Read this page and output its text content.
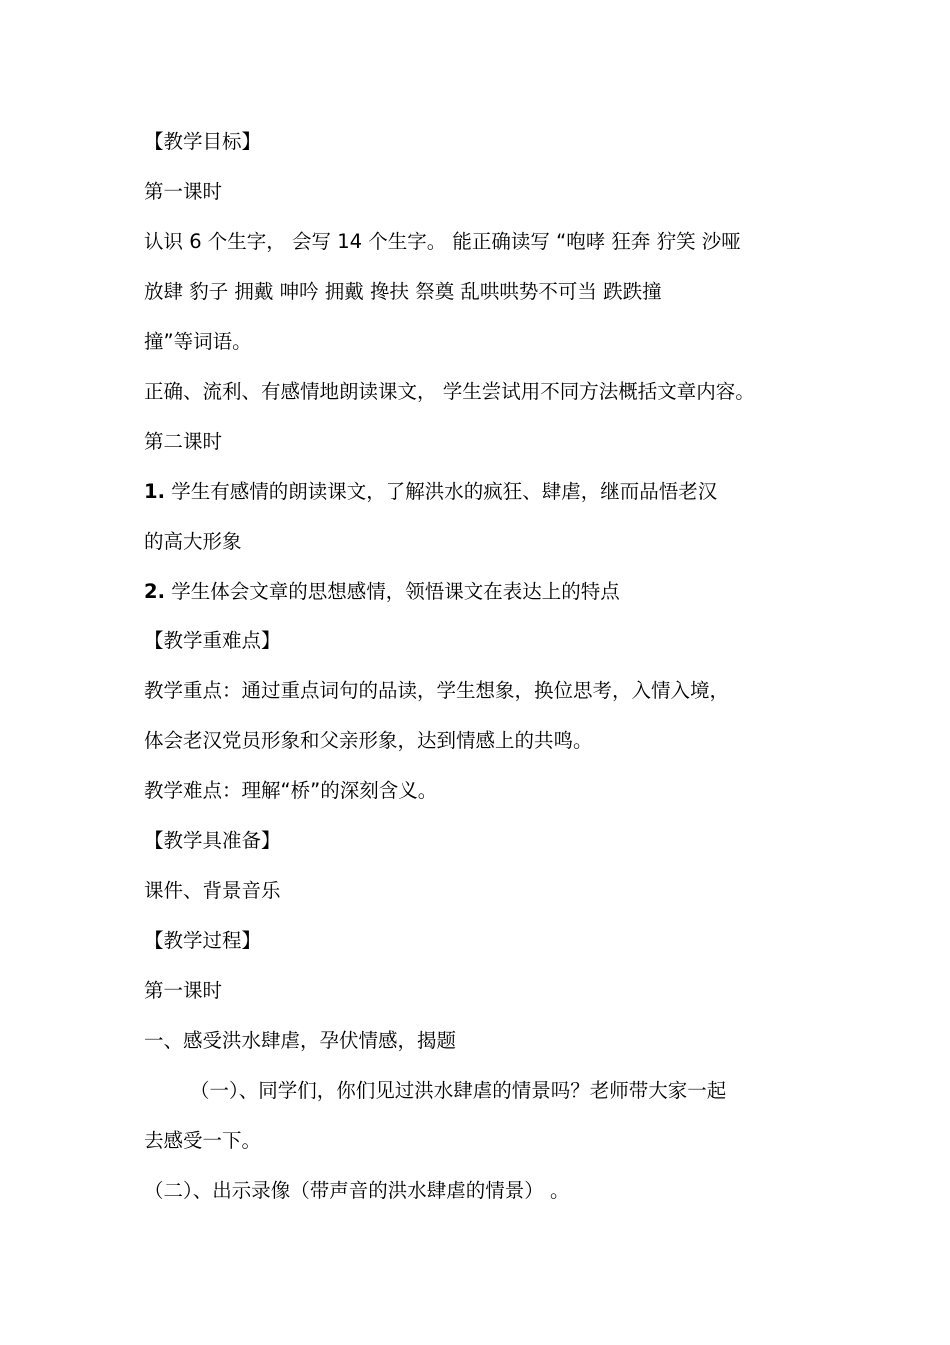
【教学目标】
第一课时
认识 6 个生字， 会写 14 个生字。 能正确读写 “咆哮 狂奔 狞笑 沙哑
放肆 豹子 拥戴 呻吟 拥戴 搀扶 祭奠 乱哄哄势不可当 跌跌撞
撞”等词语。
正确、流利、有感情地朗读课文， 学生尝试用不同方法概括文章内容。
第二课时
1. 学生有感情的朗读课文，了解洪水的疯狂、肆虐，继而品悟老汉
的高大形象
2. 学生体会文章的思想感情，领悟课文在表达上的特点
【教学重难点】
教学重点：通过重点词句的品读，学生想象，换位思考，入情入境，
体会老汉党员形象和父亲形象，达到情感上的共鸣。
教学难点：理解“桥”的深刻含义。
【教学具准备】
课件、背景音乐
【教学过程】
第一课时
一、感受洪水肆虐，孕伏情感，揭题
（一）、同学们，你们见过洪水肆虐的情景吗？老师带大家一起
去感受一下。
（二）、出示录像（带声音的洪水肆虐的情景） 。
